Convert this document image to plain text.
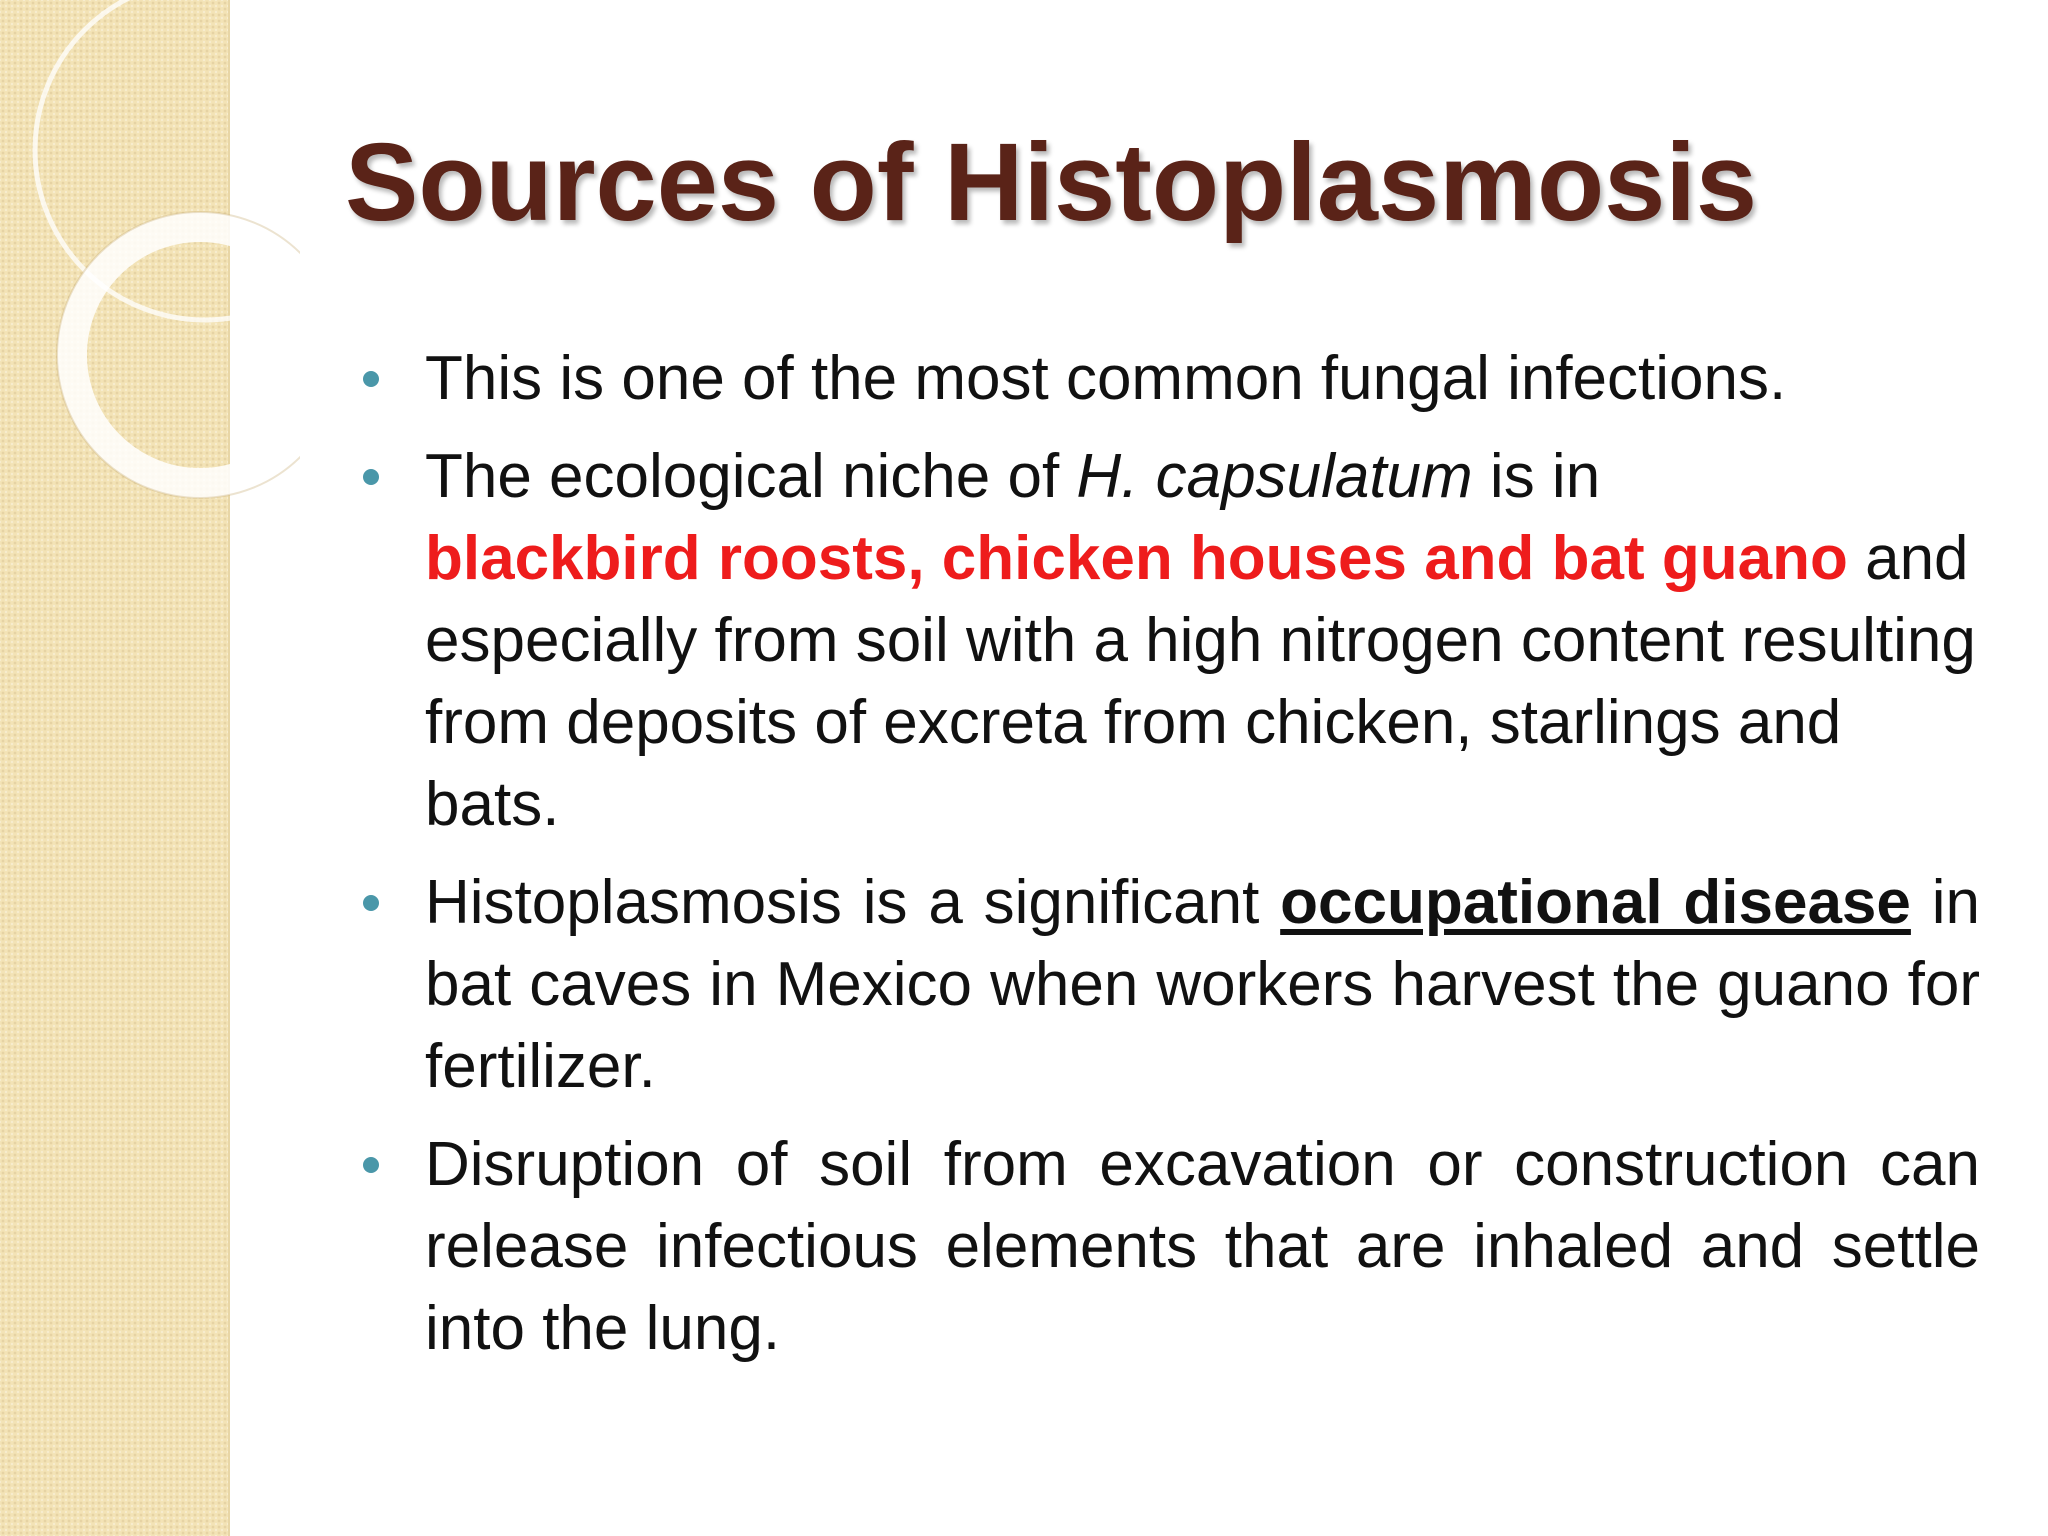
Sources of Histoplasmosis
This is one of the most common fungal infections.
The ecological niche of H. capsulatum is in
blackbird roosts, chicken houses and bat guano and especially from soil with a high nitrogen content resulting from deposits of excreta from chicken, starlings and bats.
Histoplasmosis is a significant occupational disease in bat caves in Mexico when workers harvest the guano for fertilizer.
Disruption of soil from excavation or construction can release infectious elements that are inhaled and settle into the lung.
